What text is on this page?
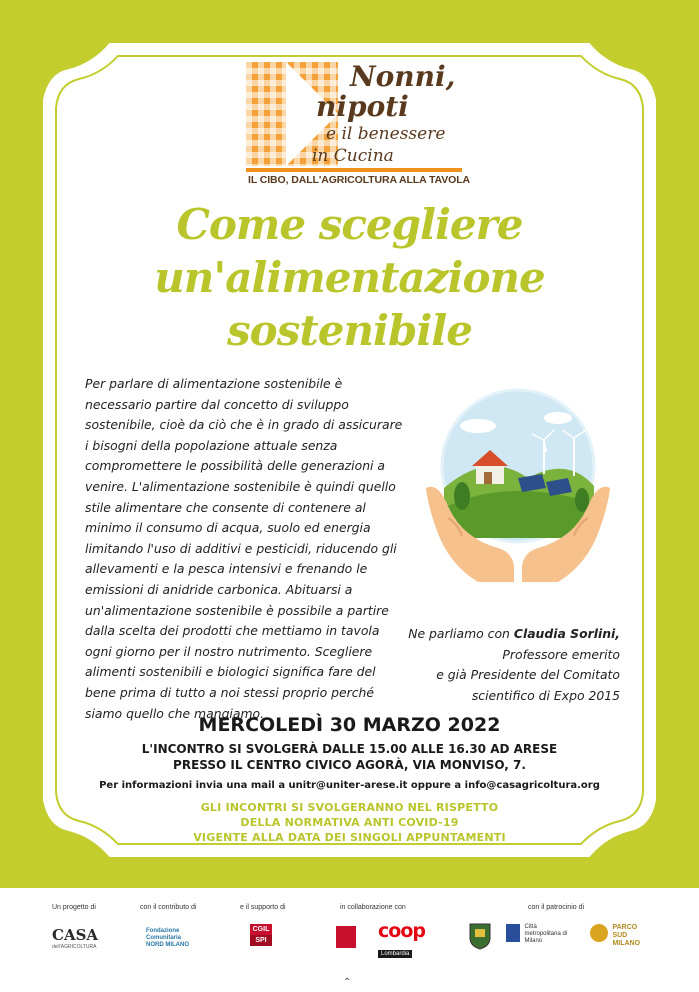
Nonni,
nipoti
e il benessere
in Cucina
IL CIBO, DALL'AGRICOLTURA ALLA TAVOLA
Come scegliere
un'alimentazione
sostenibile
Per parlare di alimentazione sostenibile è necessario partire dal concetto di sviluppo sostenibile, cioè da ciò che è in grado di assicurare i bisogni della popolazione attuale senza compromettere le possibilità delle generazioni a venire. L'alimentazione sostenibile è quindi quello stile alimentare che consente di contenere al minimo il consumo di acqua, suolo ed energia limitando l'uso di additivi e pesticidi, riducendo gli allevamenti e la pesca intensivi e frenando le emissioni di anidride carbonica. Abituarsi a un'alimentazione sostenibile è possibile a partire dalla scelta dei prodotti che mettiamo in tavola ogni giorno per il nostro nutrimento. Scegliere alimenti sostenibili e biologici significa fare del bene prima di tutto a noi stessi proprio perché siamo quello che mangiamo.
Ne parliamo con Claudia Sorlini,
Professore emerito
e già Presidente del Comitato
scientifico di Expo 2015
MERCOLEDÌ 30 MARZO 2022
L'INCONTRO SI SVOLGERÀ DALLE 15.00 ALLE 16.30 AD ARESE
PRESSO IL CENTRO CIVICO AGORÀ, VIA MONVISO, 7.
Per informazioni invia una mail a unitr@uniter-arese.it oppure a info@casagricoltura.org
GLI INCONTRI SI SVOLGERANNO NEL RISPETTO
DELLA NORMATIVA ANTI COVID-19
VIGENTE ALLA DATA DEI SINGOLI APPUNTAMENTI
Un progetto di	con il contributo di	e il supporto di	in collaborazione con	con il patrocinio di
CASA
dell'AGRICOLTURA
Fondazione Comunitaria NORD MILANO
CGIL
SPI	coop
Lombardia
Città metropolitana di Milano
PARCO SUD MILANO
⌃
